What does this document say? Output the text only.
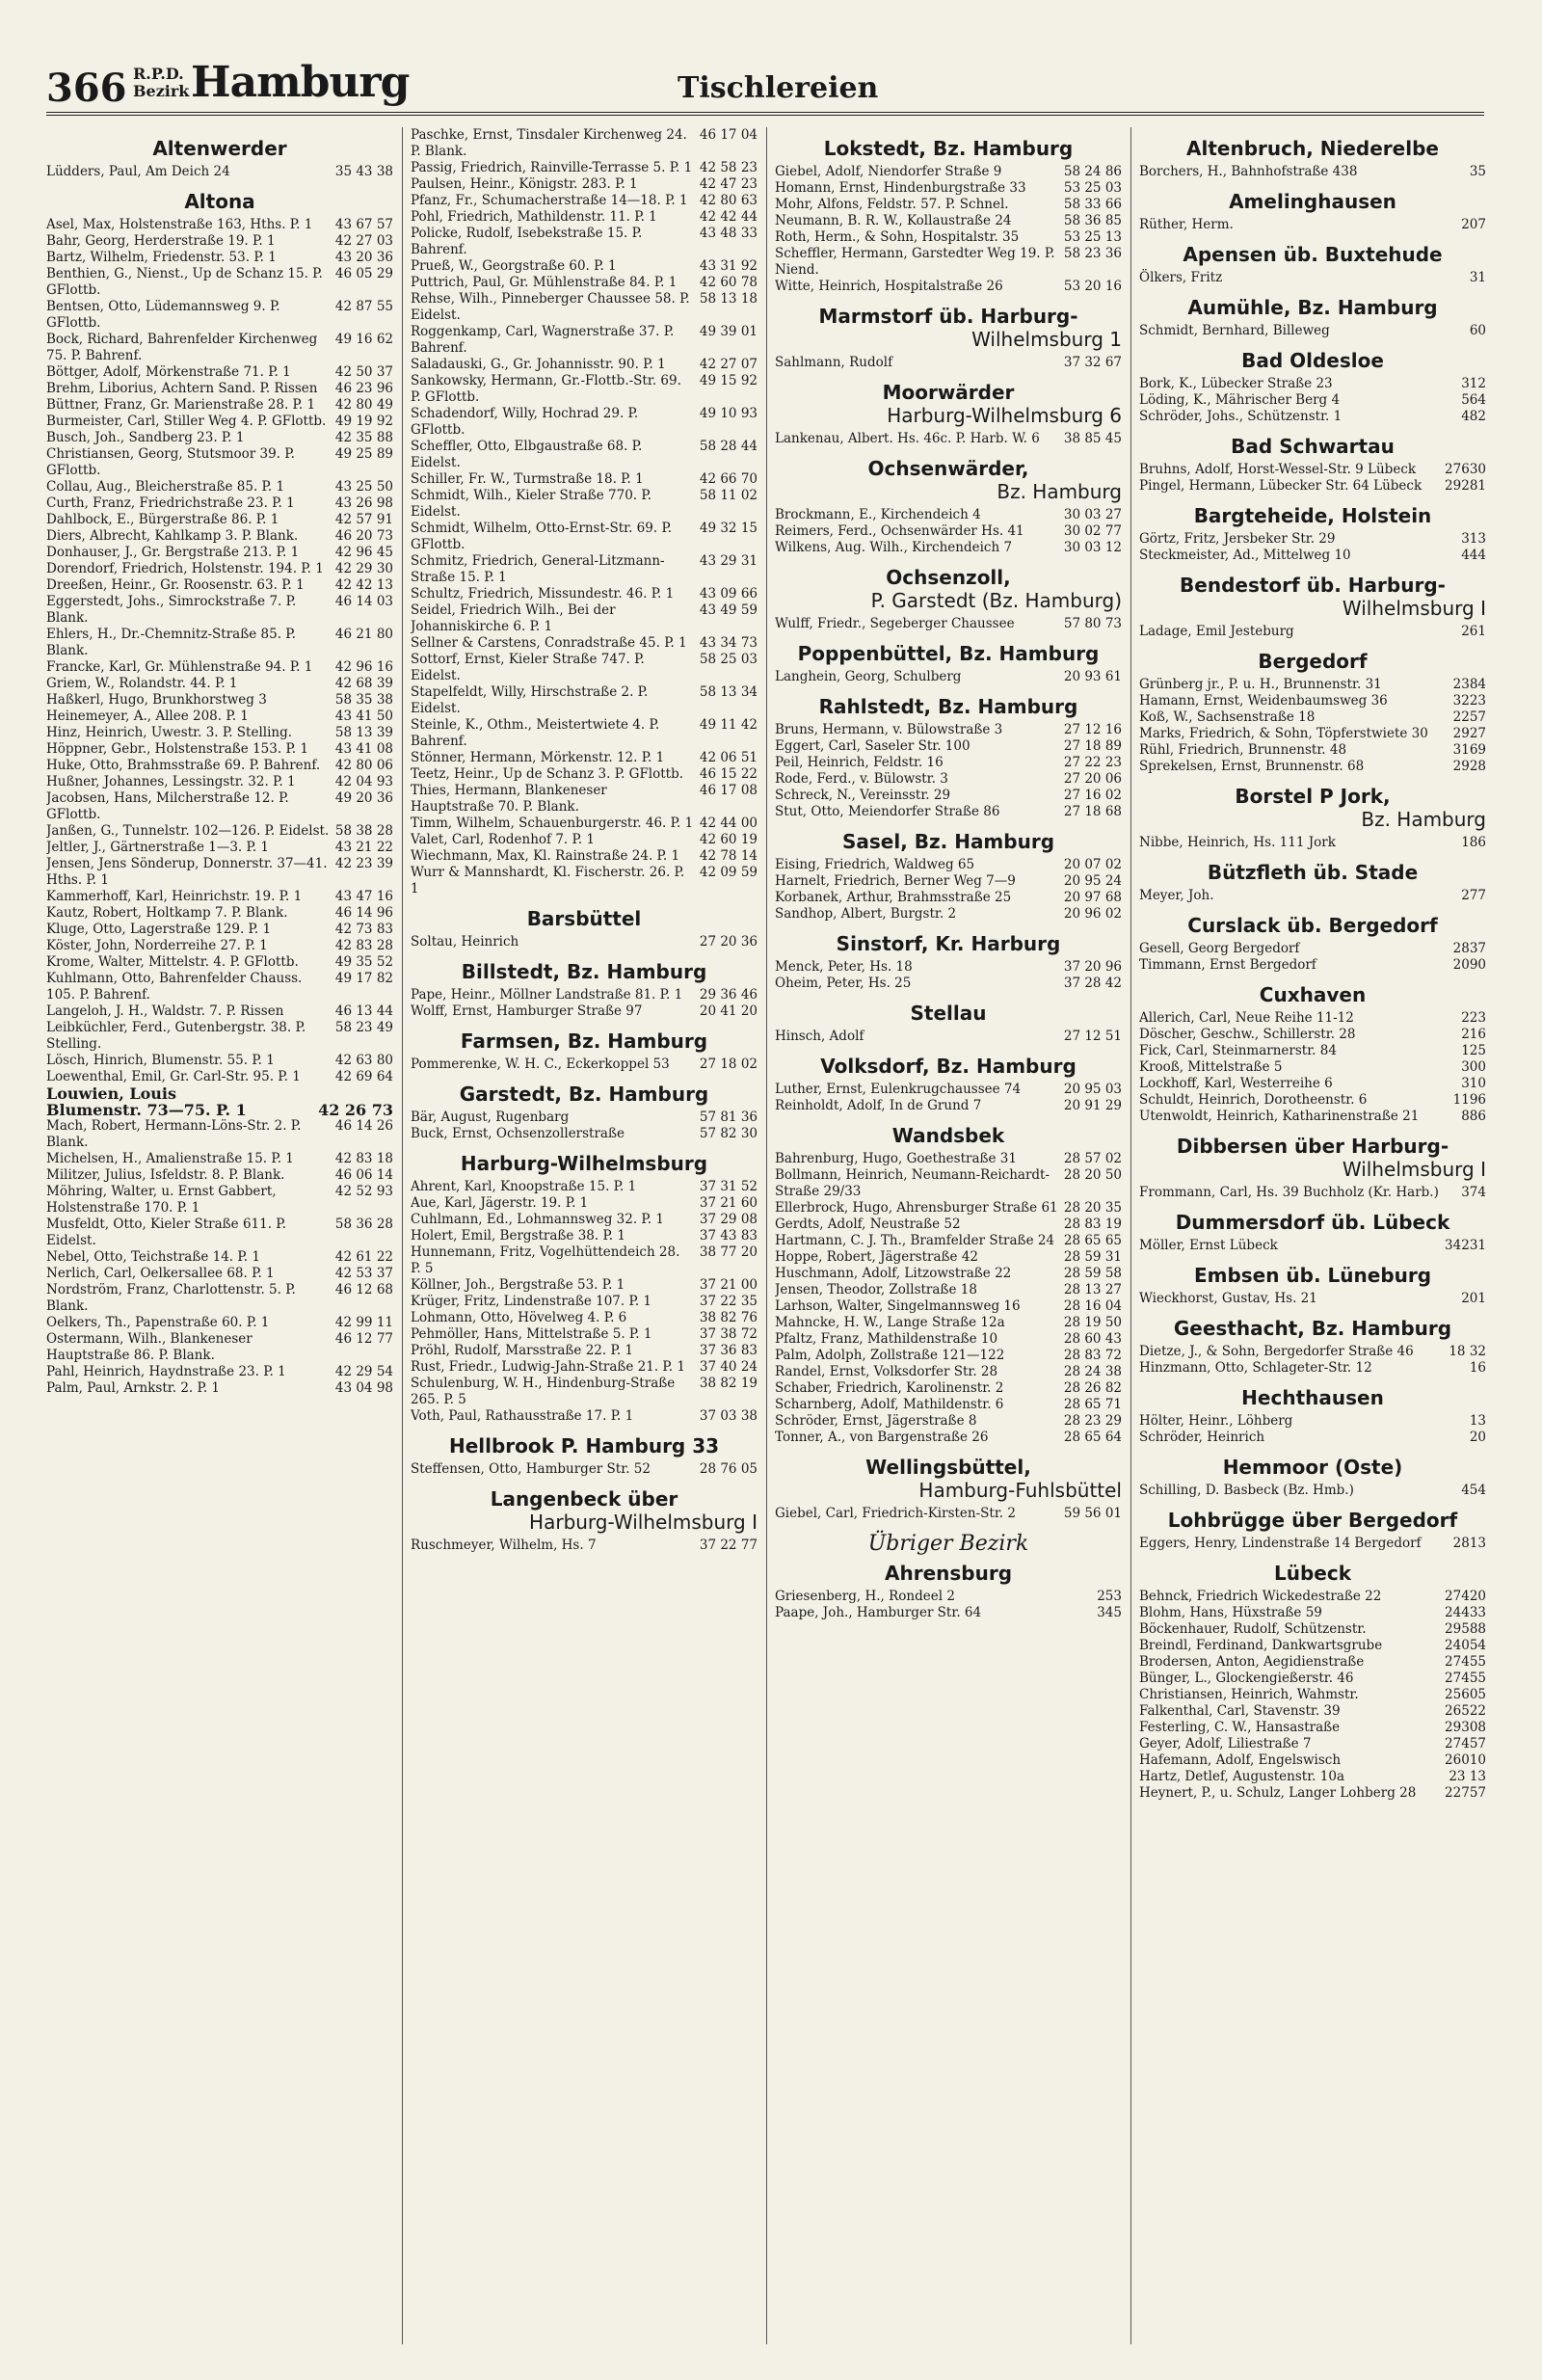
366 R.P.D.
Bezirk Hamburg	Tischlereien
Altenwerder
Lüdders, Paul, Am Deich 24	35 43 38
Altona
Asel, Max, Holstenstraße 163, Hths. P. 1	43 67 57
Bahr, Georg, Herderstraße 19. P. 1	42 27 03
Bartz, Wilhelm, Friedenstr. 53. P. 1	43 20 36
Benthien, G., Nienst., Up de Schanz 15. P. GFlottb.
46 05 29
Bentsen, Otto, Lüdemannsweg 9. P. GFlottb.
42 87 55
Bock, Richard, Bahrenfelder Kirchenweg 75. P. Bahrenf.
49 16 62
Böttger, Adolf, Mörkenstraße 71. P. 1	42 50 37
Brehm, Liborius, Achtern Sand. P. Rissen	46 23 96
Büttner, Franz, Gr. Marienstraße 28. P. 1	42 80 49
Burmeister, Carl, Stiller Weg 4. P. GFlottb. 49 19 92
Busch, Joh., Sandberg 23. P. 1	42 35 88
Christiansen, Georg, Stutsmoor 39. P. GFlottb.
49 25 89
Collau, Aug., Bleicherstraße 85. P. 1	43 25 50
Curth, Franz, Friedrichstraße 23. P. 1	43 26 98
Dahlbock, E., Bürgerstraße 86. P. 1	42 57 91
Diers, Albrecht, Kahlkamp 3. P. Blank.	46 20 73
Donhauser, J., Gr. Bergstraße 213. P. 1	42 96 45
Dorendorf, Friedrich, Holstenstr. 194. P. 1 42 29 30
Dreeßen, Heinr., Gr. Roosenstr. 63. P. 1	42 42 13
Eggerstedt, Johs., Simrockstraße 7. P. Blank.
46 14 03
Ehlers, H., Dr.-Chemnitz-Straße 85. P. Blank.
46 21 80
Francke, Karl, Gr. Mühlenstraße 94. P. 1	42 96 16
Griem, W., Rolandstr. 44. P. 1	42 68 39
Haßkerl, Hugo, Brunkhorstweg 3	58 35 38
Heinemeyer, A., Allee 208. P. 1	43 41 50
Hinz, Heinrich, Uwestr. 3. P. Stelling.	58 13 39
Höppner, Gebr., Holstenstraße 153. P. 1	43 41 08
Huke, Otto, Brahmsstraße 69. P. Bahrenf.	42 80 06
Hußner, Johannes, Lessingstr. 32. P. 1	42 04 93
Jacobsen, Hans, Milcherstraße 12. P. GFlottb.
49 20 36
Janßen, G., Tunnelstr. 102—126. P. Eidelst. 58 38 28
Jeltler, J., Gärtnerstraße 1—3. P. 1	43 21 22
Jensen, Jens Sönderup, Donnerstr. 37—41. Hths. P. 1
42 23 39
Kammerhoff, Karl, Heinrichstr. 19. P. 1	43 47 16
Kautz, Robert, Holtkamp 7. P. Blank.	46 14 96
Kluge, Otto, Lagerstraße 129. P. 1	42 73 83
Köster, John, Norderreihe 27. P. 1	42 83 28
Krome, Walter, Mittelstr. 4. P. GFlottb.	49 35 52
Kuhlmann, Otto, Bahrenfelder Chauss. 105. P. Bahrenf.
49 17 82
Langeloh, J. H., Waldstr. 7. P. Rissen	46 13 44
Leibküchler, Ferd., Gutenbergstr. 38. P. Stelling.
58 23 49
Lösch, Hinrich, Blumenstr. 55. P. 1	42 63 80
Loewenthal, Emil, Gr. Carl-Str. 95. P. 1	42 69 64
Louwien, Louis
Blumenstr. 73—75. P. 1	42 26 73
Mach, Robert, Hermann-Löns-Str. 2. P. Blank.
46 14 26
Michelsen, H., Amalienstraße 15. P. 1	42 83 18
Militzer, Julius, Isfeldstr. 8. P. Blank.	46 06 14
Möhring, Walter, u. Ernst Gabbert, Holstenstraße 170. P. 1
42 52 93
Musfeldt, Otto, Kieler Straße 611. P. Eidelst.
58 36 28
Nebel, Otto, Teichstraße 14. P. 1	42 61 22
Nerlich, Carl, Oelkersallee 68. P. 1	42 53 37
Nordström, Franz, Charlottenstr. 5. P. Blank.
46 12 68
Oelkers, Th., Papenstraße 60. P. 1	42 99 11
Ostermann, Wilh., Blankeneser Hauptstraße 86. P. Blank.
46 12 77
Pahl, Heinrich, Haydnstraße 23. P. 1	42 29 54
Palm, Paul, Arnkstr. 2. P. 1	43 04 98
Paschke, Ernst, Tinsdaler Kirchenweg 24. P. Blank.
46 17 04
Passig, Friedrich, Rainville-Terrasse 5. P. 1 42 58 23
Paulsen, Heinr., Königstr. 283. P. 1	42 47 23
Pfanz, Fr., Schumacherstraße 14—18. P. 1 42 80 63
Pohl, Friedrich, Mathildenstr. 11. P. 1	42 42 44
Policke, Rudolf, Isebekstraße 15. P. Bahrenf.
43 48 33
Prueß, W., Georgstraße 60. P. 1	43 31 92
Puttrich, Paul, Gr. Mühlenstraße 84. P. 1	42 60 78
Rehse, Wilh., Pinneberger Chaussee 58. P. Eidelst.
58 13 18
Roggenkamp, Carl, Wagnerstraße 37. P. Bahrenf.
49 39 01
Saladauski, G., Gr. Johannisstr. 90. P. 1	42 27 07
Sankowsky, Hermann, Gr.-Flottb.-Str. 69. P. GFlottb.
49 15 92
Schadendorf, Willy, Hochrad 29. P. GFlottb.
49 10 93
Scheffler, Otto, Elbgaustraße 68. P. Eidelst.
58 28 44
Schiller, Fr. W., Turmstraße 18. P. 1	42 66 70
Schmidt, Wilh., Kieler Straße 770. P. Eidelst.
58 11 02
Schmidt, Wilhelm, Otto-Ernst-Str. 69. P. GFlottb.
49 32 15
Schmitz, Friedrich, General-Litzmann-Straße 15. P. 1
43 29 31
Schultz, Friedrich, Missundestr. 46. P. 1	43 09 66
Seidel, Friedrich Wilh., Bei der Johanniskirche 6. P. 1
43 49 59
Sellner & Carstens, Conradstraße 45. P. 1 43 34 73
Sottorf, Ernst, Kieler Straße 747. P. Eidelst.
58 25 03
Stapelfeldt, Willy, Hirschstraße 2. P. Eidelst.
58 13 34
Steinle, K., Othm., Meistertwiete 4. P. Bahrenf.
49 11 42
Stönner, Hermann, Mörkenstr. 12. P. 1	42 06 51
Teetz, Heinr., Up de Schanz 3. P. GFlottb.	46 15 22
Thies, Hermann, Blankeneser Hauptstraße 70. P. Blank.
46 17 08
Timm, Wilhelm, Schauenburgerstr. 46. P. 1 42 44 00
Valet, Carl, Rodenhof 7. P. 1	42 60 19
Wiechmann, Max, Kl. Rainstraße 24. P. 1	42 78 14
Wurr & Mannshardt, Kl. Fischerstr. 26. P. 1
42 09 59
Barsbüttel
Soltau, Heinrich	27 20 36
Billstedt, Bz. Hamburg
Pape, Heinr., Möllner Landstraße 81. P. 1	29 36 46
Wolff, Ernst, Hamburger Straße 97	20 41 20
Farmsen, Bz. Hamburg
Pommerenke, W. H. C., Eckerkoppel 53	27 18 02
Garstedt, Bz. Hamburg
Bär, August, Rugenbarg	57 81 36
Buck, Ernst, Ochsenzollerstraße	57 82 30
Harburg-Wilhelmsburg
Ahrent, Karl, Knoopstraße 15. P. 1	37 31 52
Aue, Karl, Jägerstr. 19. P. 1	37 21 60
Cuhlmann, Ed., Lohmannsweg 32. P. 1	37 29 08
Holert, Emil, Bergstraße 38. P. 1	37 43 83
Hunnemann, Fritz, Vogelhüttendeich 28. P. 5
38 77 20
Köllner, Joh., Bergstraße 53. P. 1	37 21 00
Krüger, Fritz, Lindenstraße 107. P. 1	37 22 35
Lohmann, Otto, Hövelweg 4. P. 6	38 82 76
Pehmöller, Hans, Mittelstraße 5. P. 1	37 38 72
Pröhl, Rudolf, Marsstraße 22. P. 1	37 36 83
Rust, Friedr., Ludwig-Jahn-Straße 21. P. 1	37 40 24
Schulenburg, W. H., Hindenburg-Straße 265. P. 5
38 82 19
Voth, Paul, Rathausstraße 17. P. 1	37 03 38
Hellbrook P. Hamburg 33
Steffensen, Otto, Hamburger Str. 52	28 76 05
Langenbeck über
Harburg-Wilhelmsburg I
Ruschmeyer, Wilhelm, Hs. 7	37 22 77
Lokstedt, Bz. Hamburg
Giebel, Adolf, Niendorfer Straße 9	58 24 86
Homann, Ernst, Hindenburgstraße 33	53 25 03
Mohr, Alfons, Feldstr. 57. P. Schnel.	58 33 66
Neumann, B. R. W., Kollaustraße 24	58 36 85
Roth, Herm., & Sohn, Hospitalstr. 35	53 25 13
Scheffler, Hermann, Garstedter Weg 19. P. Niend.
58 23 36
Witte, Heinrich, Hospitalstraße 26	53 20 16
Marmstorf üb. Harburg-
Wilhelmsburg 1
Sahlmann, Rudolf	37 32 67
Moorwärder
Harburg-Wilhelmsburg 6
Lankenau, Albert. Hs. 46c. P. Harb. W. 6	38 85 45
Ochsenwärder,
Bz. Hamburg
Brockmann, E., Kirchendeich 4	30 03 27
Reimers, Ferd., Ochsenwärder Hs. 41	30 02 77
Wilkens, Aug. Wilh., Kirchendeich 7	30 03 12
Ochsenzoll,
P. Garstedt (Bz. Hamburg)
Wulff, Friedr., Segeberger Chaussee	57 80 73
Poppenbüttel, Bz. Hamburg
Langhein, Georg, Schulberg	20 93 61
Rahlstedt, Bz. Hamburg
Bruns, Hermann, v. Bülowstraße 3	27 12 16
Eggert, Carl, Saseler Str. 100	27 18 89
Peil, Heinrich, Feldstr. 16	27 22 23
Rode, Ferd., v. Bülowstr. 3	27 20 06
Schreck, N., Vereinsstr. 29	27 16 02
Stut, Otto, Meiendorfer Straße 86	27 18 68
Sasel, Bz. Hamburg
Eising, Friedrich, Waldweg 65	20 07 02
Harnelt, Friedrich, Berner Weg 7—9	20 95 24
Korbanek, Arthur, Brahmsstraße 25	20 97 68
Sandhop, Albert, Burgstr. 2	20 96 02
Sinstorf, Kr. Harburg
Menck, Peter, Hs. 18	37 20 96
Oheim, Peter, Hs. 25	37 28 42
Stellau
Hinsch, Adolf	27 12 51
Volksdorf, Bz. Hamburg
Luther, Ernst, Eulenkrugchaussee 74	20 95 03
Reinholdt, Adolf, In de Grund 7	20 91 29
Wandsbek
Bahrenburg, Hugo, Goethestraße 31	28 57 02
Bollmann, Heinrich, Neumann-Reichardt-Straße 29/33
28 20 50
Ellerbrock, Hugo, Ahrensburger Straße 61 28 20 35
Gerdts, Adolf, Neustraße 52	28 83 19
Hartmann, C. J. Th., Bramfelder Straße 24 28 65 65
Hoppe, Robert, Jägerstraße 42	28 59 31
Huschmann, Adolf, Litzowstraße 22	28 59 58
Jensen, Theodor, Zollstraße 18	28 13 27
Larhson, Walter, Singelmannsweg 16	28 16 04
Mahncke, H. W., Lange Straße 12a	28 19 50
Pfaltz, Franz, Mathildenstraße 10	28 60 43
Palm, Adolph, Zollstraße 121—122	28 83 72
Randel, Ernst, Volksdorfer Str. 28	28 24 38
Schaber, Friedrich, Karolinenstr. 2	28 26 82
Scharnberg, Adolf, Mathildenstr. 6	28 65 71
Schröder, Ernst, Jägerstraße 8	28 23 29
Tonner, A., von Bargenstraße 26	28 65 64
Wellingsbüttel,
Hamburg-Fuhlsbüttel
Giebel, Carl, Friedrich-Kirsten-Str. 2	59 56 01
Übriger Bezirk
Ahrensburg
Griesenberg, H., Rondeel 2	253
Paape, Joh., Hamburger Str. 64	345
Altenbruch, Niederelbe
Borchers, H., Bahnhofstraße 438	35
Amelinghausen
Rüther, Herm.	207
Apensen üb. Buxtehude
Ölkers, Fritz	31
Aumühle, Bz. Hamburg
Schmidt, Bernhard, Billeweg	60
Bad Oldesloe
Bork, K., Lübecker Straße 23	312
Löding, K., Mährischer Berg 4	564
Schröder, Johs., Schützenstr. 1	482
Bad Schwartau
Bruhns, Adolf, Horst-Wessel-Str. 9 Lübeck	27630
Pingel, Hermann, Lübecker Str. 64 Lübeck	29281
Bargteheide, Holstein
Görtz, Fritz, Jersbeker Str. 29	313
Steckmeister, Ad., Mittelweg 10	444
Bendestorf üb. Harburg-
Wilhelmsburg I
Ladage, Emil Jesteburg	261
Bergedorf
Grünberg jr., P. u. H., Brunnenstr. 31	2384
Hamann, Ernst, Weidenbaumsweg 36	3223
Koß, W., Sachsenstraße 18	2257
Marks, Friedrich, & Sohn, Töpferstwiete 30	2927
Rühl, Friedrich, Brunnenstr. 48	3169
Sprekelsen, Ernst, Brunnenstr. 68	2928
Borstel P Jork,
Bz. Hamburg
Nibbe, Heinrich, Hs. 111 Jork	186
Bützfleth üb. Stade
Meyer, Joh.	277
Curslack üb. Bergedorf
Gesell, Georg Bergedorf	2837
Timmann, Ernst Bergedorf	2090
Cuxhaven
Allerich, Carl, Neue Reihe 11-12	223
Döscher, Geschw., Schillerstr. 28	216
Fick, Carl, Steinmarnerstr. 84	125
Krooß, Mittelstraße 5	300
Lockhoff, Karl, Westerreihe 6	310
Schuldt, Heinrich, Dorotheenstr. 6	1196
Utenwoldt, Heinrich, Katharinenstraße 21	886
Dibbersen über Harburg-
Wilhelmsburg I
Frommann, Carl, Hs. 39 Buchholz (Kr. Harb.)	374
Dummersdorf üb. Lübeck
Möller, Ernst Lübeck	34231
Embsen üb. Lüneburg
Wieckhorst, Gustav, Hs. 21	201
Geesthacht, Bz. Hamburg
Dietze, J., & Sohn, Bergedorfer Straße 46	18 32
Hinzmann, Otto, Schlageter-Str. 12	16
Hechthausen
Hölter, Heinr., Löhberg	13
Schröder, Heinrich	20
Hemmoor (Oste)
Schilling, D. Basbeck (Bz. Hmb.)	454
Lohbrügge über Bergedorf
Eggers, Henry, Lindenstraße 14 Bergedorf	2813
Lübeck
Behnck, Friedrich Wickedestraße 22	27420
Blohm, Hans, Hüxstraße 59	24433
Böckenhauer, Rudolf, Schützenstr.	29588
Breindl, Ferdinand, Dankwartsgrube	24054
Brodersen, Anton, Aegidienstraße	27455
Bünger, L., Glockengießerstr. 46	27455
Christiansen, Heinrich, Wahmstr.	25605
Falkenthal, Carl, Stavenstr. 39	26522
Festerling, C. W., Hansastraße	29308
Geyer, Adolf, Liliestraße 7	27457
Hafemann, Adolf, Engelswisch	26010
Hartz, Detlef, Augustenstr. 10a	23 13
Heynert, P., u. Schulz, Langer Lohberg 28	22757
